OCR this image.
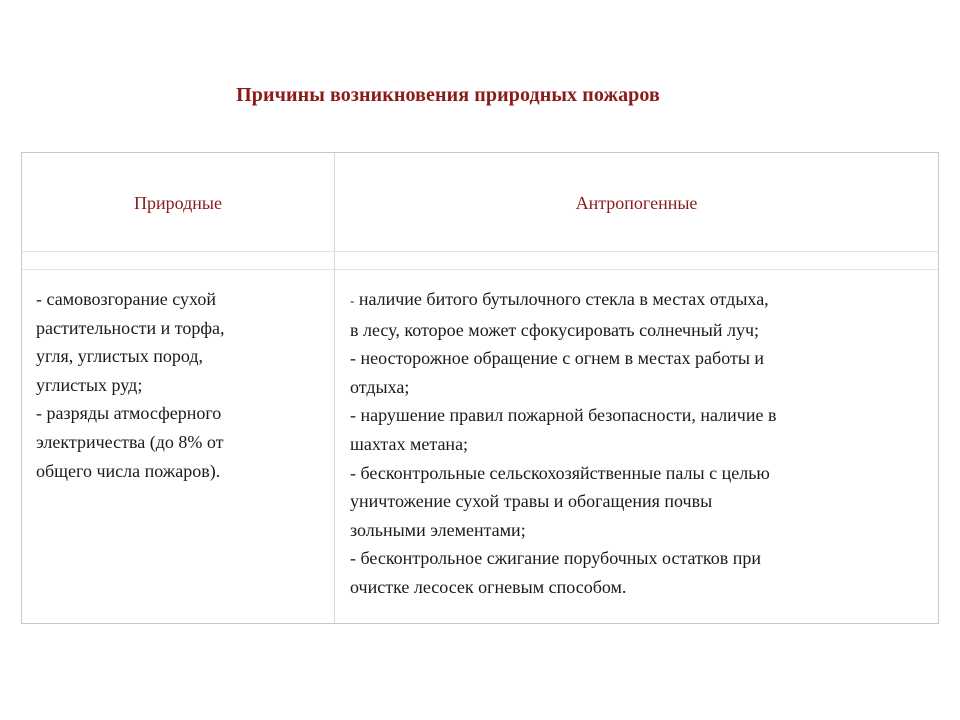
Причины возникновения природных пожаров
Природные	Антропогенные
- самовозгорание сухой
растительности и торфа,
угля, углистых пород,
углистых руд;
- разряды атмосферного
электричества (до 8% от
общего числа пожаров).
- наличие битого бутылочного стекла в местах отдыха,
в лесу, которое может сфокусировать солнечный луч;
- неосторожное обращение с огнем в местах работы и
отдыха;
- нарушение правил пожарной безопасности, наличие в
шахтах метана;
- бесконтрольные сельскохозяйственные палы с целью
уничтожение сухой травы и обогащения почвы
зольными элементами;
- бесконтрольное сжигание порубочных остатков при
очистке лесосек огневым способом.
